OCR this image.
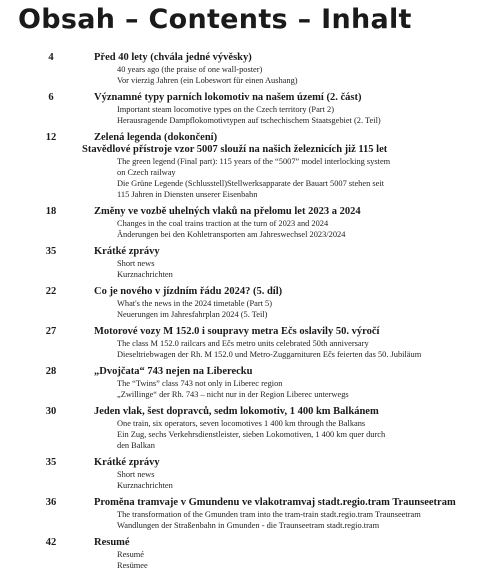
Obsah – Contents – Inhalt
4	Před 40 lety (chvála jedné vývěsky)
40 years ago (the praise of one wall-poster)
Vor vierzig Jahren (ein Lobeswort für einen Aushang)
6	Významné typy parních lokomotiv na našem území (2. část)
Important steam locomotive types on the Czech territory (Part 2)
Herausragende Dampflokomotivtypen auf tschechischem Staatsgebiet (2. Teil)
12	Zelená legenda (dokončení)
Stavědlové přístroje vzor 5007 slouží na našich železnicích již 115 let
The green legend (Final part): 115 years of the “5007” model interlocking system
on Czech railway
Die Grüne Legende (Schlusstell)Stellwerksapparate der Bauart 5007 stehen seit
115 Jahren in Diensten unserer Eisenbahn
18	Změny ve vozbě uhelných vlaků na přelomu let 2023 a 2024
Changes in the coal trains traction at the turn of 2023 and 2024
Änderungen bei den Kohletransporten am Jahreswechsel 2023/2024
35	Krátké zprávy
Short news
Kurznachrichten
22	Co je nového v jízdním řádu 2024? (5. díl)
What's the news in the 2024 timetable (Part 5)
Neuerungen im Jahresfahrplan 2024 (5. Teil)
27	Motorové vozy M 152.0 i soupravy metra Ečs oslavily 50. výročí
The class M 152.0 railcars and Ečs metro units celebrated 50th anniversary
Dieseltriebwagen der Rh. M 152.0 und Metro-Zuggarnituren Ečs feierten das 50. Jubiläum
28	„Dvojčata“ 743 nejen na Liberecku
The “Twins” class 743 not only in Liberec region
„Zwillinge“ der Rh. 743 – nicht nur in der Region Liberec unterwegs
30	Jeden vlak, šest dopravců, sedm lokomotiv, 1 400 km Balkánem
One train, six operators, seven locomotives 1 400 km through the Balkans
Ein Zug, sechs Verkehrsdienstleister, sieben Lokomotiven, 1 400 km quer durch
den Balkan
35	Krátké zprávy
Short news
Kurznachrichten
36	Proměna tramvaje v Gmundenu ve vlakotramvaj stadt.regio.tram Traunseetram
The transformation of the Gmunden tram into the tram-train stadt.regio.tram Traunseetram
Wandlungen der Straßenbahn in Gmunden - die Traunseetram stadt.regio.tram
42	Resumé
Resumé
Resümee
